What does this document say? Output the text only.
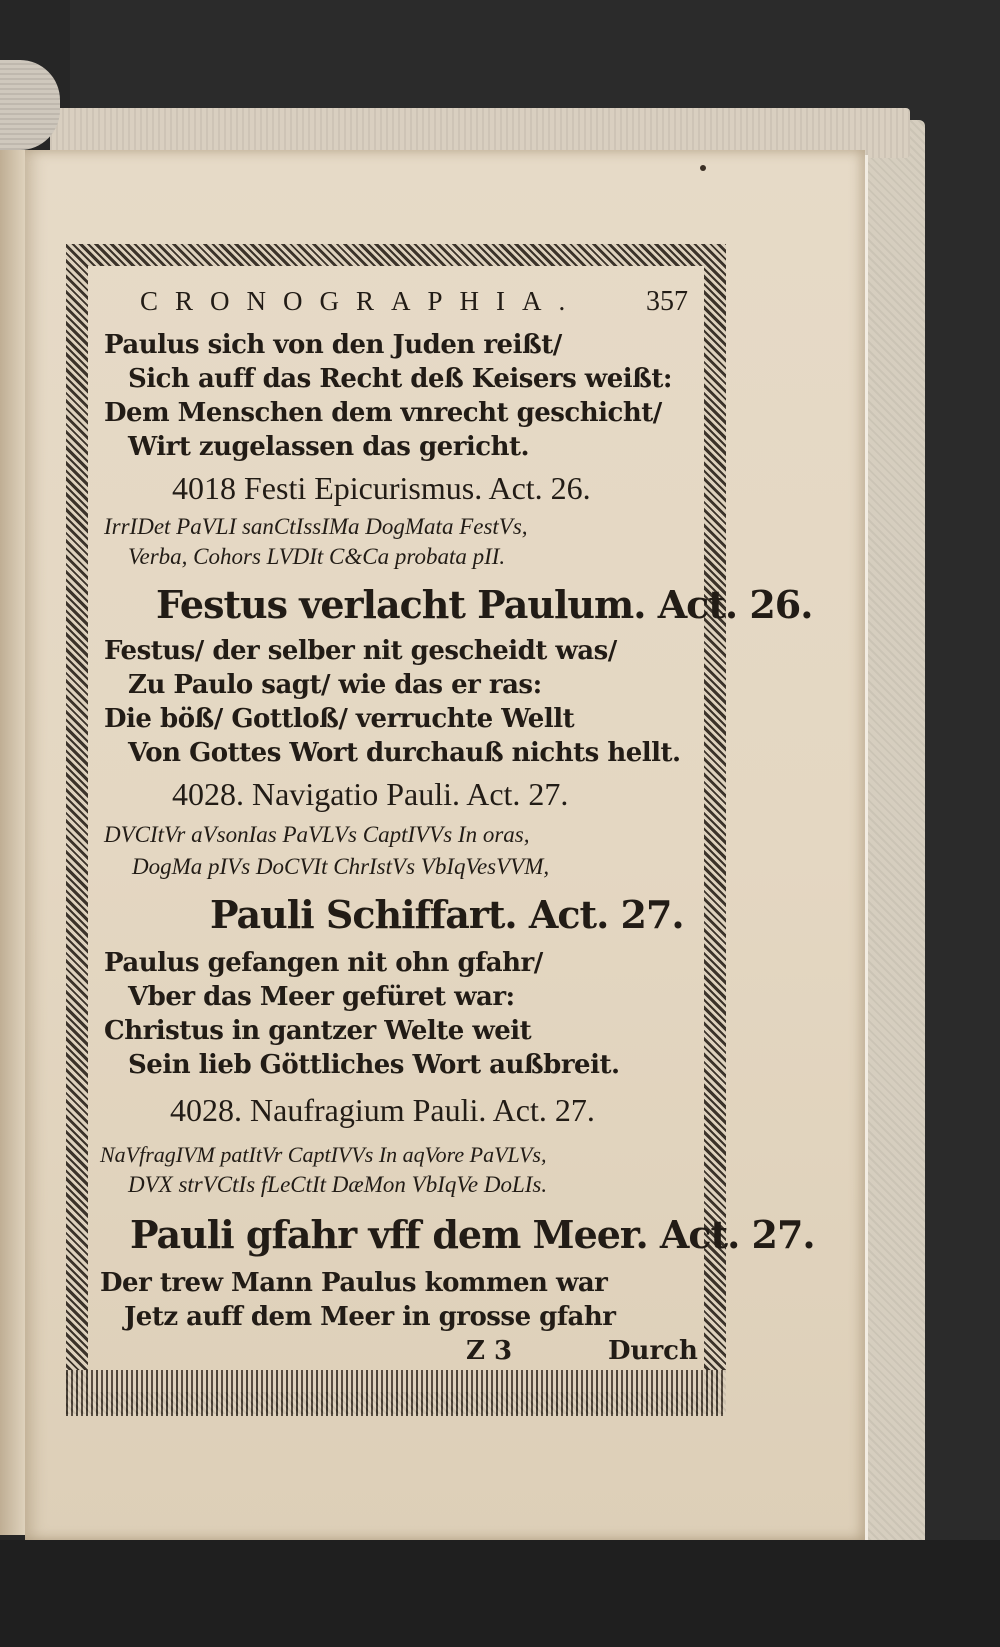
CRONOGRAPHIA. 357
Paulus sich von den Juden reißt/
Sich auff das Recht deß Keisers weißt:
Dem Menschen dem vnrecht geschicht/
Wirt zugelassen das gericht.
4018 Festi Epicurismus. Act. 26.
IrrIDet PaVLI sanCtIssIMa DogMata FestVs,
Verba, Cohors LVDIt C&Ca probata pII.
Festus verlacht Paulum. Act. 26.
Festus/ der selber nit gescheidt was/
Zu Paulo sagt/ wie das er ras:
Die böß/ Gottloß/ verruchte Wellt
Von Gottes Wort durchauß nichts hellt.
4028. Navigatio Pauli. Act. 27.
DVCItVr aVsonIas PaVLVs CaptIVVs In oras,
DogMa pIVs DoCVIt ChrIstVs VbIqVesVVM,
Pauli Schiffart. Act. 27.
Paulus gefangen nit ohn gfahr/
Vber das Meer gefüret war:
Christus in gantzer Welte weit
Sein lieb Göttliches Wort außbreit.
4028. Naufragium Pauli. Act. 27.
NaVfragIVM patItVr CaptIVVs In aqVore PaVLVs,
DVX strVCtIs fLeCtIt DæMon VbIqVe DoLIs.
Pauli gfahr vff dem Meer. Act. 27.
Der trew Mann Paulus kommen war
Jetz auff dem Meer in grosse gfahr
Z 3	Durch
